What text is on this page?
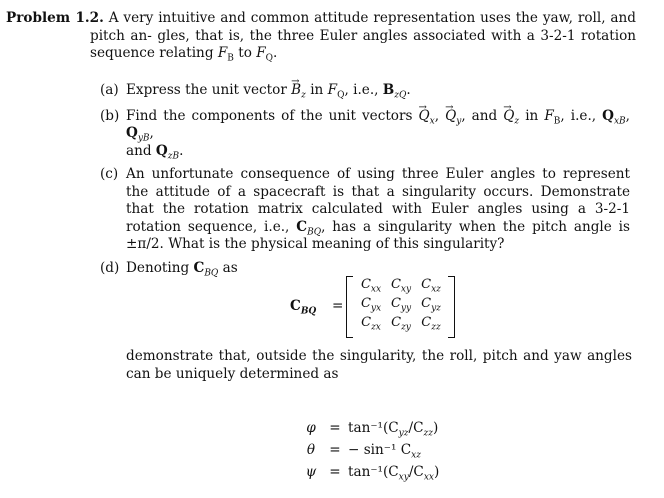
Problem 1.2. A very intuitive and common attitude representation uses the yaw, roll, and pitch an- gles, that is, the three Euler angles associated with a 3-2-1 rotation sequence relating $F_B$ to $F_Q$.
(a) Express the unit vector → $B_z$ in $F_Q$, i.e., $B_{zQ}$.
(b) Find the components of the unit vectors → $Q_x$, → $Q_y$, and → $Q_z$ in $F_B$, i.e., $Q_{xB}$, $Q_{yB}$,
and $Q_{zB}$.
(c) An unfortunate consequence of using three Euler angles to represent the attitude of a spacecraft is that a singularity occurs. Demonstrate that the rotation matrix calculated with Euler angles using a 3-2-1 rotation sequence, i.e., $C_{BQ}$, has a singularity when the pitch angle is ±π/2. What is the physical meaning of this singularity?
(d) Denoting $C_{BQ}$ as
$C_{BQ}$ =
$C_{xx}$ $C_{xy}$ $C_{xz}$
$C_{yx}$ $C_{yy}$ $C_{yz}$
$C_{zx}$ $C_{zy}$ $C_{zz}$
demonstrate that, outside the singularity, the roll, pitch and yaw angles can be uniquely determined as
$\varphi = \tan^{-1}(C_{yz}/C_{zz})$
θ	= − sin⁻¹ $C_{xz}$
$\psi = \tan^{-1}(C_{xy}/C_{xx})$
